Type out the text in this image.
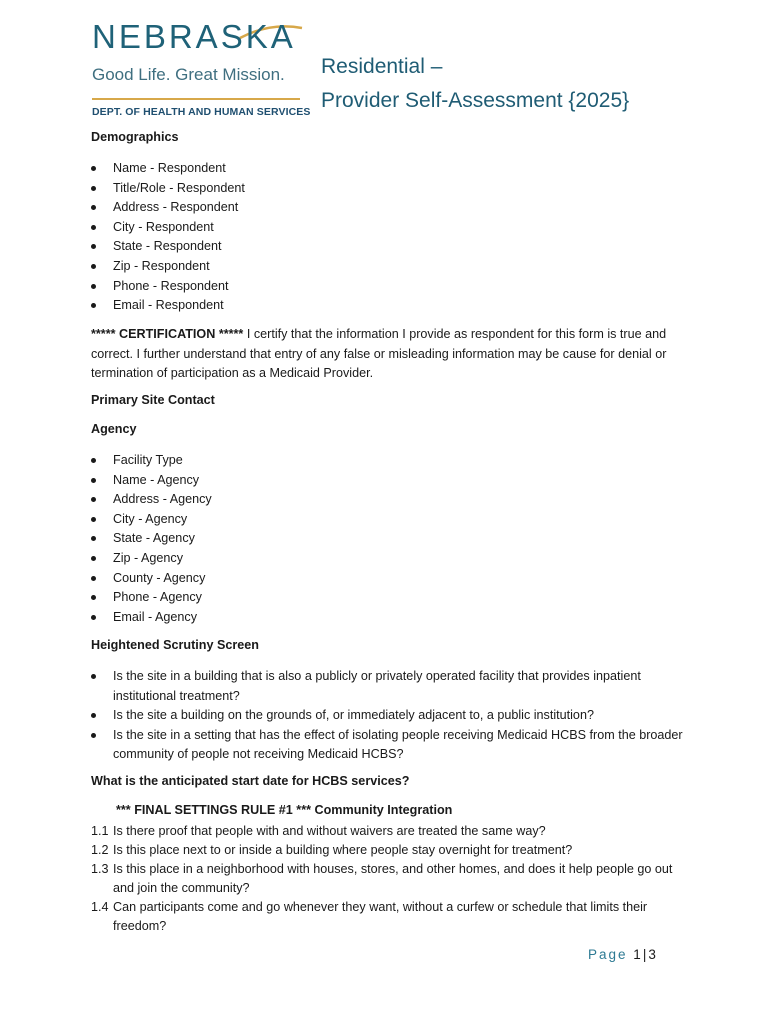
NEBRASKA
Good Life. Great Mission.
DEPT. OF HEALTH AND HUMAN SERVICES
Residential –
Provider Self-Assessment {2025}
Demographics
Name - Respondent
Title/Role - Respondent
Address - Respondent
City - Respondent
State - Respondent
Zip - Respondent
Phone - Respondent
Email - Respondent
***** CERTIFICATION ***** I certify that the information I provide as respondent for this form is true and correct. I further understand that entry of any false or misleading information may be cause for denial or termination of participation as a Medicaid Provider.
Primary Site Contact
Agency
Facility Type
Name - Agency
Address - Agency
City - Agency
State - Agency
Zip - Agency
County - Agency
Phone - Agency
Email - Agency
Heightened Scrutiny Screen
Is the site in a building that is also a publicly or privately operated facility that provides inpatient institutional treatment?
Is the site a building on the grounds of, or immediately adjacent to, a public institution?
Is the site in a setting that has the effect of isolating people receiving Medicaid HCBS from the broader community of people not receiving Medicaid HCBS?
What is the anticipated start date for HCBS services?
*** FINAL SETTINGS RULE #1 *** Community Integration
1.1 Is there proof that people with and without waivers are treated the same way?
1.2 Is this place next to or inside a building where people stay overnight for treatment?
1.3 Is this place in a neighborhood with houses, stores, and other homes, and does it help people go out and join the community?
1.4 Can participants come and go whenever they want, without a curfew or schedule that limits their freedom?
Page 1|3
